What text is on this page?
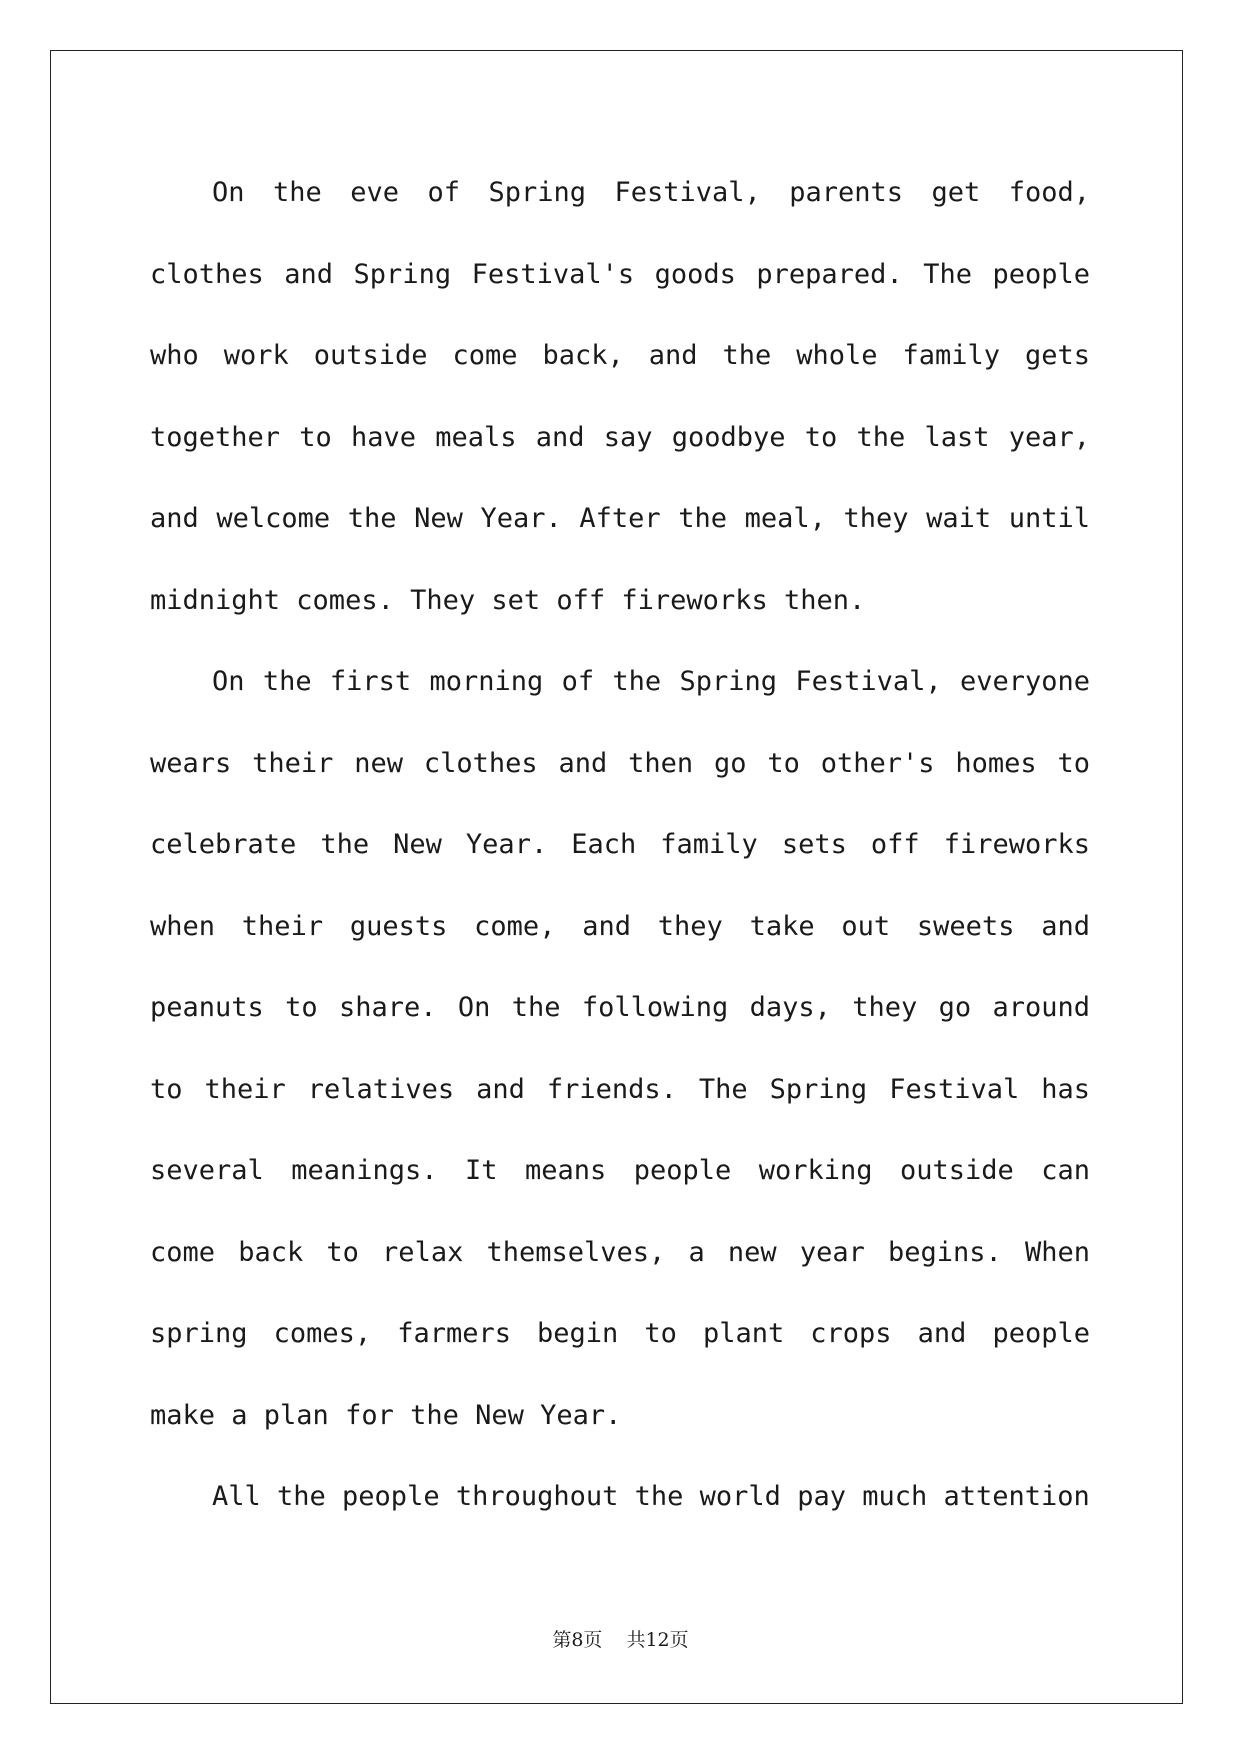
On the eve of Spring Festival, parents get food, clothes and Spring Festival's goods prepared. The people who work outside come back, and the whole family gets together to have meals and say goodbye to the last year, and welcome the New Year. After the meal, they wait until midnight comes. They set off fireworks then.

On the first morning of the Spring Festival, everyone wears their new clothes and then go to other's homes to celebrate the New Year. Each family sets off fireworks when their guests come, and they take out sweets and peanuts to share. On the following days, they go around to their relatives and friends. The Spring Festival has several meanings. It means people working outside can come back to relax themselves, a new year begins. When spring comes, farmers begin to plant crops and people make a plan for the New Year.

All the people throughout the world pay much attention

第8页 共12页
